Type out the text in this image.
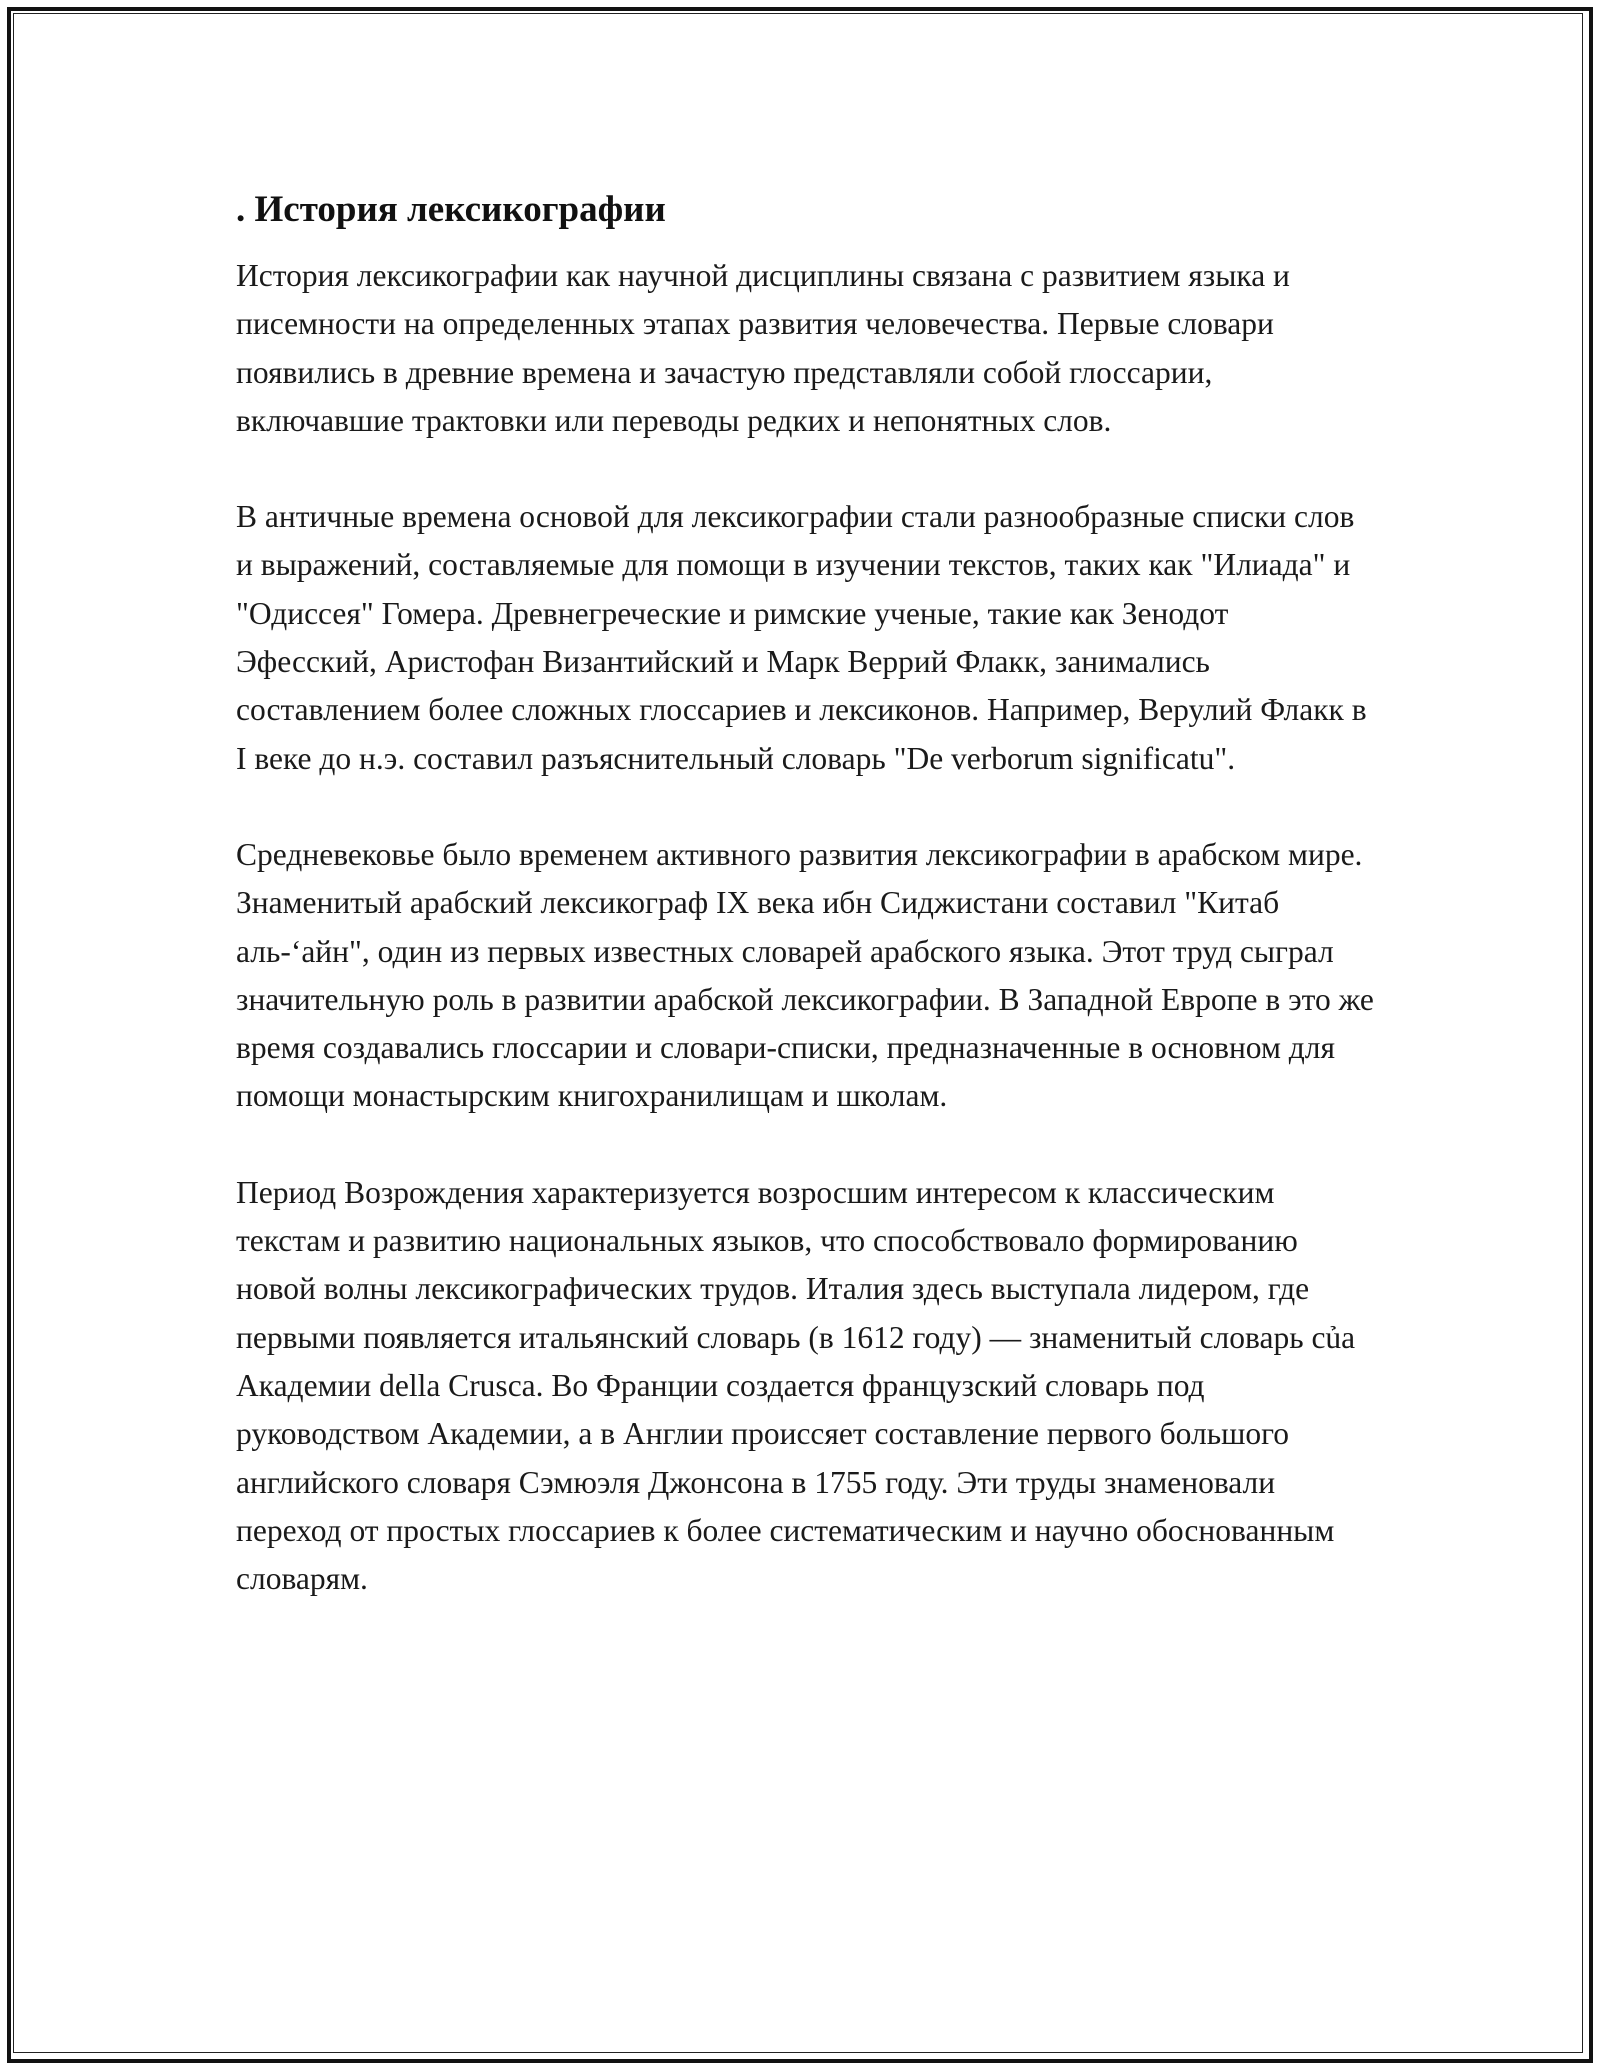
. История лексикографии

История лексикографии как научной дисциплины связана с развитием языка и писемности на определенных этапах развития человечества. Первые словари появились в древние времена и зачастую представляли собой глоссарии, включавшие трактовки или переводы редких и непонятных слов.

В античные времена основой для лексикографии стали разнообразные списки слов и выражений, составляемые для помощи в изучении текстов, таких как "Илиада" и "Одиссея" Гомера. Древнегреческие и римские ученые, такие как Зенодот Эфесский, Аристофан Византийский и Марк Веррий Флакк, занимались составлением более сложных глоссариев и лексиконов. Например, Верулий Флакк в I веке до н.э. составил разъяснительный словарь "De verborum significatu".

Средневековье было временем активного развития лексикографии в арабском мире. Знаменитый арабский лексикограф IX века ибн Сиджистани составил "Китаб аль-‘айн", один из первых известных словарей арабского языка. Этот труд сыграл значительную роль в развитии арабской лексикографии. В Западной Европе в это же время создавались глоссарии и словари-списки, предназначенные в основном для помощи монастырским книгохранилищам и школам.

Период Возрождения характеризуется возросшим интересом к классическим текстам и развитию национальных языков, что способствовало формированию новой волны лексикографических трудов. Италия здесь выступала лидером, где первыми появляется итальянский словарь (в 1612 году) — знаменитый словарь của Академии della Crusca. Во Франции создается французский словарь под руководством Академии, а в Англии происсяет составление первого большого английского словаря Сэмюэля Джонсона в 1755 году. Эти труды знаменовали переход от простых глоссариев к более систематическим и научно обоснованным словарям.
